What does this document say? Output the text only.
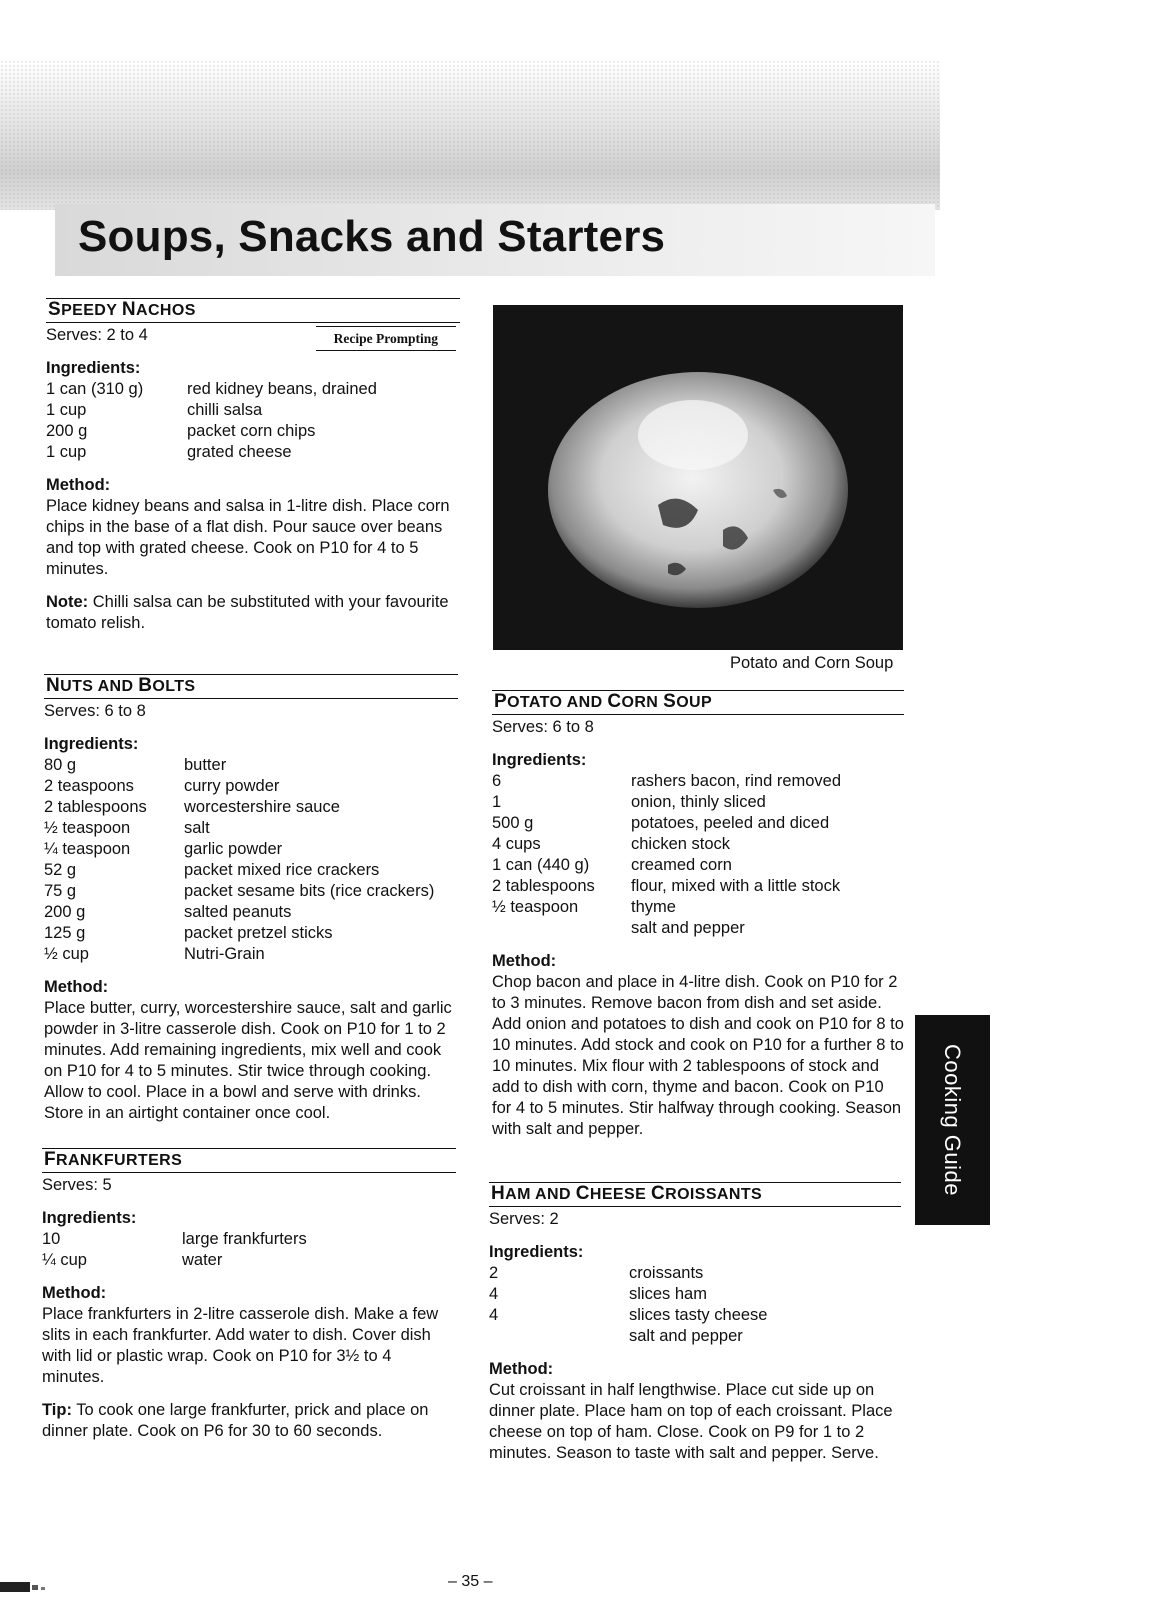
Soups, Snacks and Starters
SPEEDY NACHOS
Serves: 2 to 4	Recipe Prompting
Ingredients:
1 can (310 g)	red kidney beans, drained
1 cup	chilli salsa
200 g	packet corn chips
1 cup	grated cheese
Method:

Place kidney beans and salsa in 1-litre dish. Place corn chips in the base of a flat dish. Pour sauce over beans and top with grated cheese. Cook on P10 for 4 to 5 minutes.

Note: Chilli salsa can be substituted with your favourite tomato relish.
NUTS AND BOLTS
Serves: 6 to 8
Ingredients:
80 g	butter
2 teaspoons	curry powder
2 tablespoons	worcestershire sauce
½ teaspoon	salt
¼ teaspoon	garlic powder
52 g	packet mixed rice crackers
75 g	packet sesame bits (rice crackers)
200 g	salted peanuts
125 g	packet pretzel sticks
½ cup	Nutri-Grain
Method:

Place butter, curry, worcestershire sauce, salt and garlic powder in 3-litre casserole dish. Cook on P10 for 1 to 2 minutes. Add remaining ingredients, mix well and cook on P10 for 4 to 5 minutes. Stir twice through cooking. Allow to cool. Place in a bowl and serve with drinks. Store in an airtight container once cool.

FRANKFURTERS
Serves: 5
Ingredients:
10	large frankfurters
¼ cup	water
Method:

Place frankfurters in 2-litre casserole dish. Make a few slits in each frankfurter. Add water to dish. Cover dish with lid or plastic wrap. Cook on P10 for 3½ to 4 minutes.

Tip: To cook one large frankfurter, prick and place on dinner plate. Cook on P6 for 30 to 60 seconds.
Potato and Corn Soup
POTATO AND CORN SOUP
Serves: 6 to 8
Ingredients:
6	rashers bacon, rind removed
1	onion, thinly sliced
500 g	potatoes, peeled and diced
4 cups	chicken stock
1 can (440 g)	creamed corn
2 tablespoons	flour, mixed with a little stock
½ teaspoon	thyme
salt and pepper
Method:

Chop bacon and place in 4-litre dish. Cook on P10 for 2 to 3 minutes. Remove bacon from dish and set aside. Add onion and potatoes to dish and cook on P10 for 8 to 10 minutes. Add stock and cook on P10 for a further 8 to 10 minutes. Mix flour with 2 tablespoons of stock and add to dish with corn, thyme and bacon. Cook on P10 for 4 to 5 minutes. Stir halfway through cooking. Season with salt and pepper.

HAM AND CHEESE CROISSANTS
Serves: 2
Ingredients:
2	croissants
4	slices ham
4	slices tasty cheese
salt and pepper
Method:

Cut croissant in half lengthwise. Place cut side up on dinner plate. Place ham on top of each croissant. Place cheese on top of ham. Close. Cook on P9 for 1 to 2 minutes. Season to taste with salt and pepper. Serve.

Cooking Guide
– 35 –
